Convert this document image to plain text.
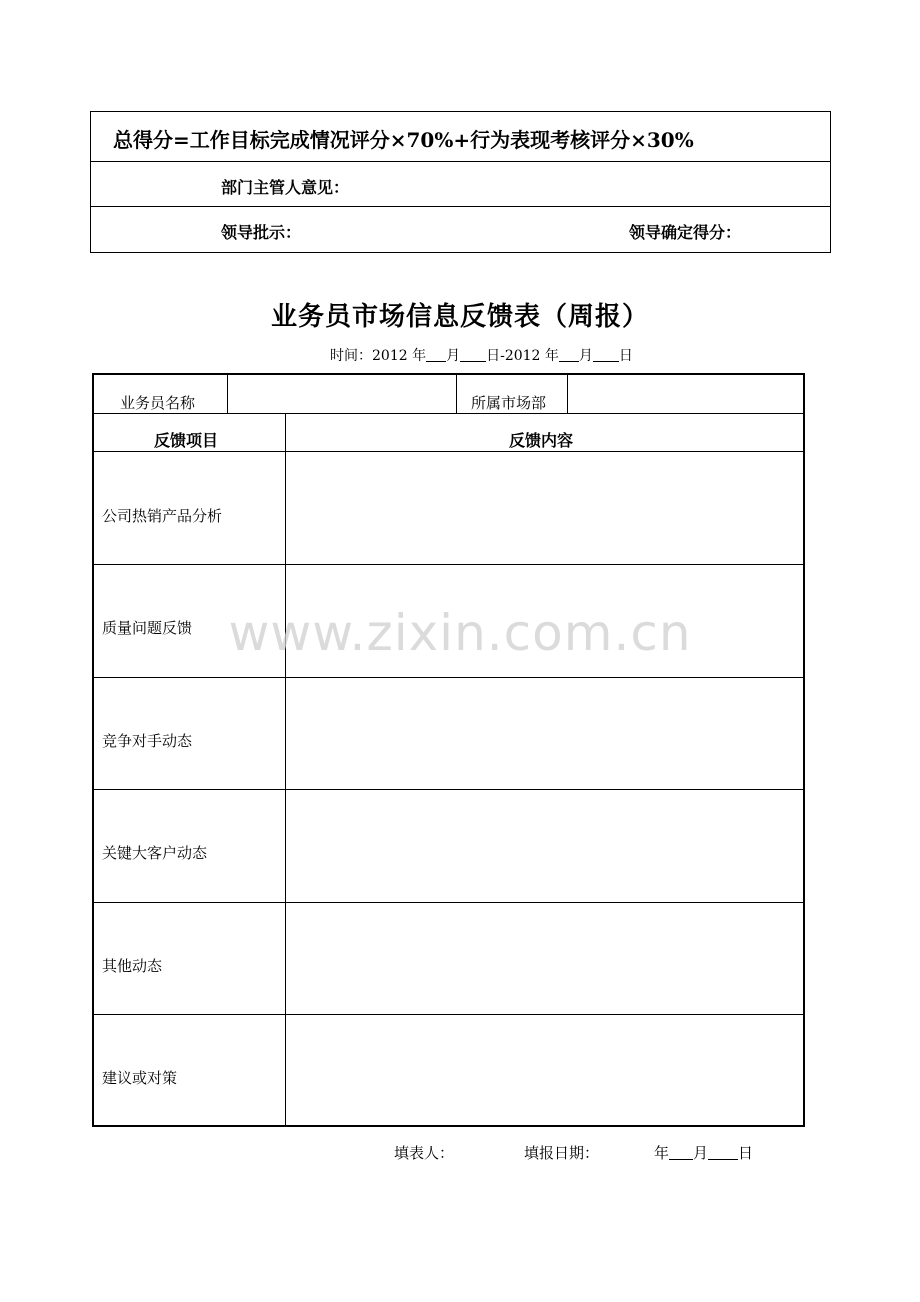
总得分=工作目标完成情况评分×70%+行为表现考核评分×30%
部门主管人意见：
领导批示：	领导确定得分：
业务员市场信息反馈表（周报）
时间：2012 年 月 日-2012 年 月 日
业务员名称	所属市场部
反馈项目	反馈内容
公司热销产品分析
质量问题反馈
竞争对手动态
关键大客户动态
其他动态
建议或对策
www.zixin.com.cn
填表人：	填报日期：	年 月 日
